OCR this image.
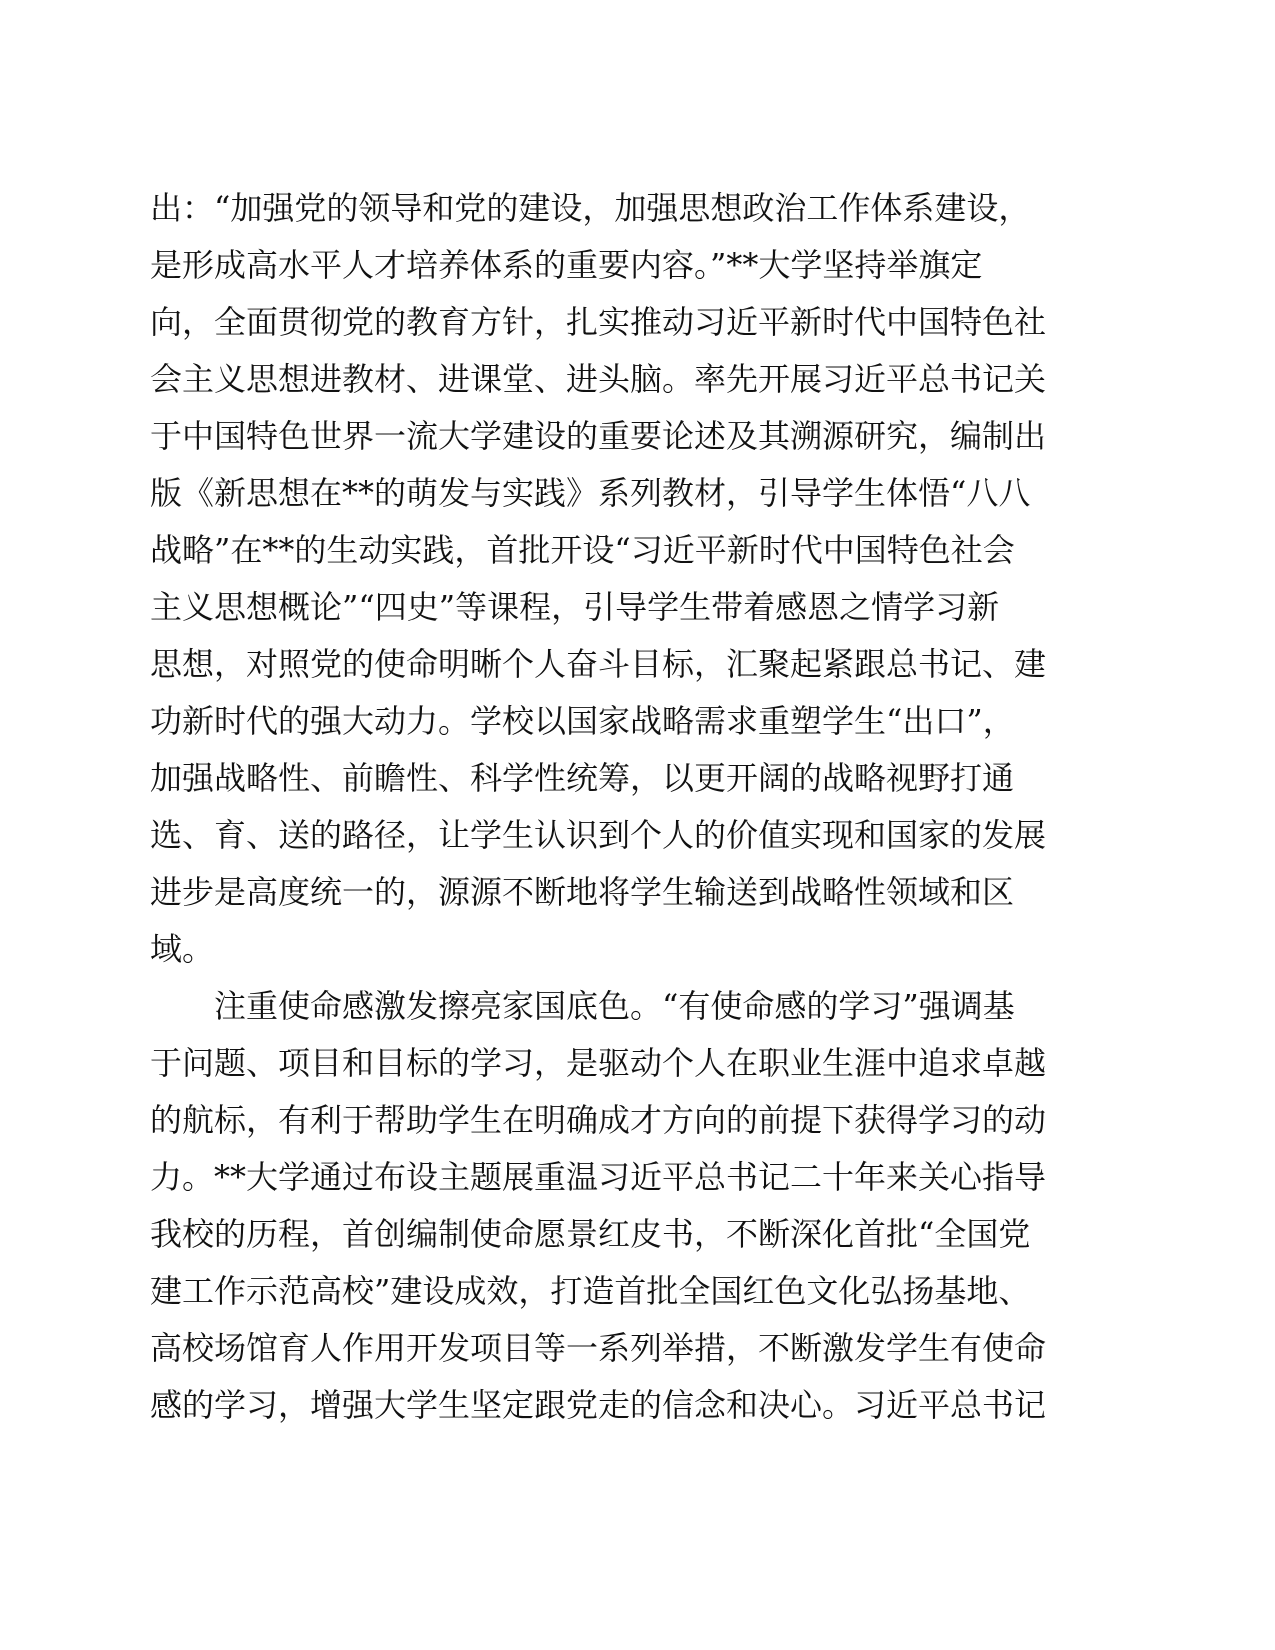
出：“加强党的领导和党的建设，加强思想政治工作体系建设，
是形成高水平人才培养体系的重要内容。”**大学坚持举旗定
向，全面贯彻党的教育方针，扎实推动习近平新时代中国特色社
会主义思想进教材、进课堂、进头脑。率先开展习近平总书记关
于中国特色世界一流大学建设的重要论述及其溯源研究，编制出
版《新思想在**的萌发与实践》系列教材，引导学生体悟“八八
战略”在**的生动实践，首批开设“习近平新时代中国特色社会
主义思想概论”“四史”等课程，引导学生带着感恩之情学习新
思想，对照党的使命明晰个人奋斗目标，汇聚起紧跟总书记、建
功新时代的强大动力。学校以国家战略需求重塑学生“出口”，
加强战略性、前瞻性、科学性统筹，以更开阔的战略视野打通
选、育、送的路径，让学生认识到个人的价值实现和国家的发展
进步是高度统一的，源源不断地将学生输送到战略性领域和区
域。
注重使命感激发擦亮家国底色。“有使命感的学习”强调基
于问题、项目和目标的学习，是驱动个人在职业生涯中追求卓越
的航标，有利于帮助学生在明确成才方向的前提下获得学习的动
力。**大学通过布设主题展重温习近平总书记二十年来关心指导
我校的历程，首创编制使命愿景红皮书，不断深化首批“全国党
建工作示范高校”建设成效，打造首批全国红色文化弘扬基地、
高校场馆育人作用开发项目等一系列举措，不断激发学生有使命
感的学习，增强大学生坚定跟党走的信念和决心。习近平总书记
